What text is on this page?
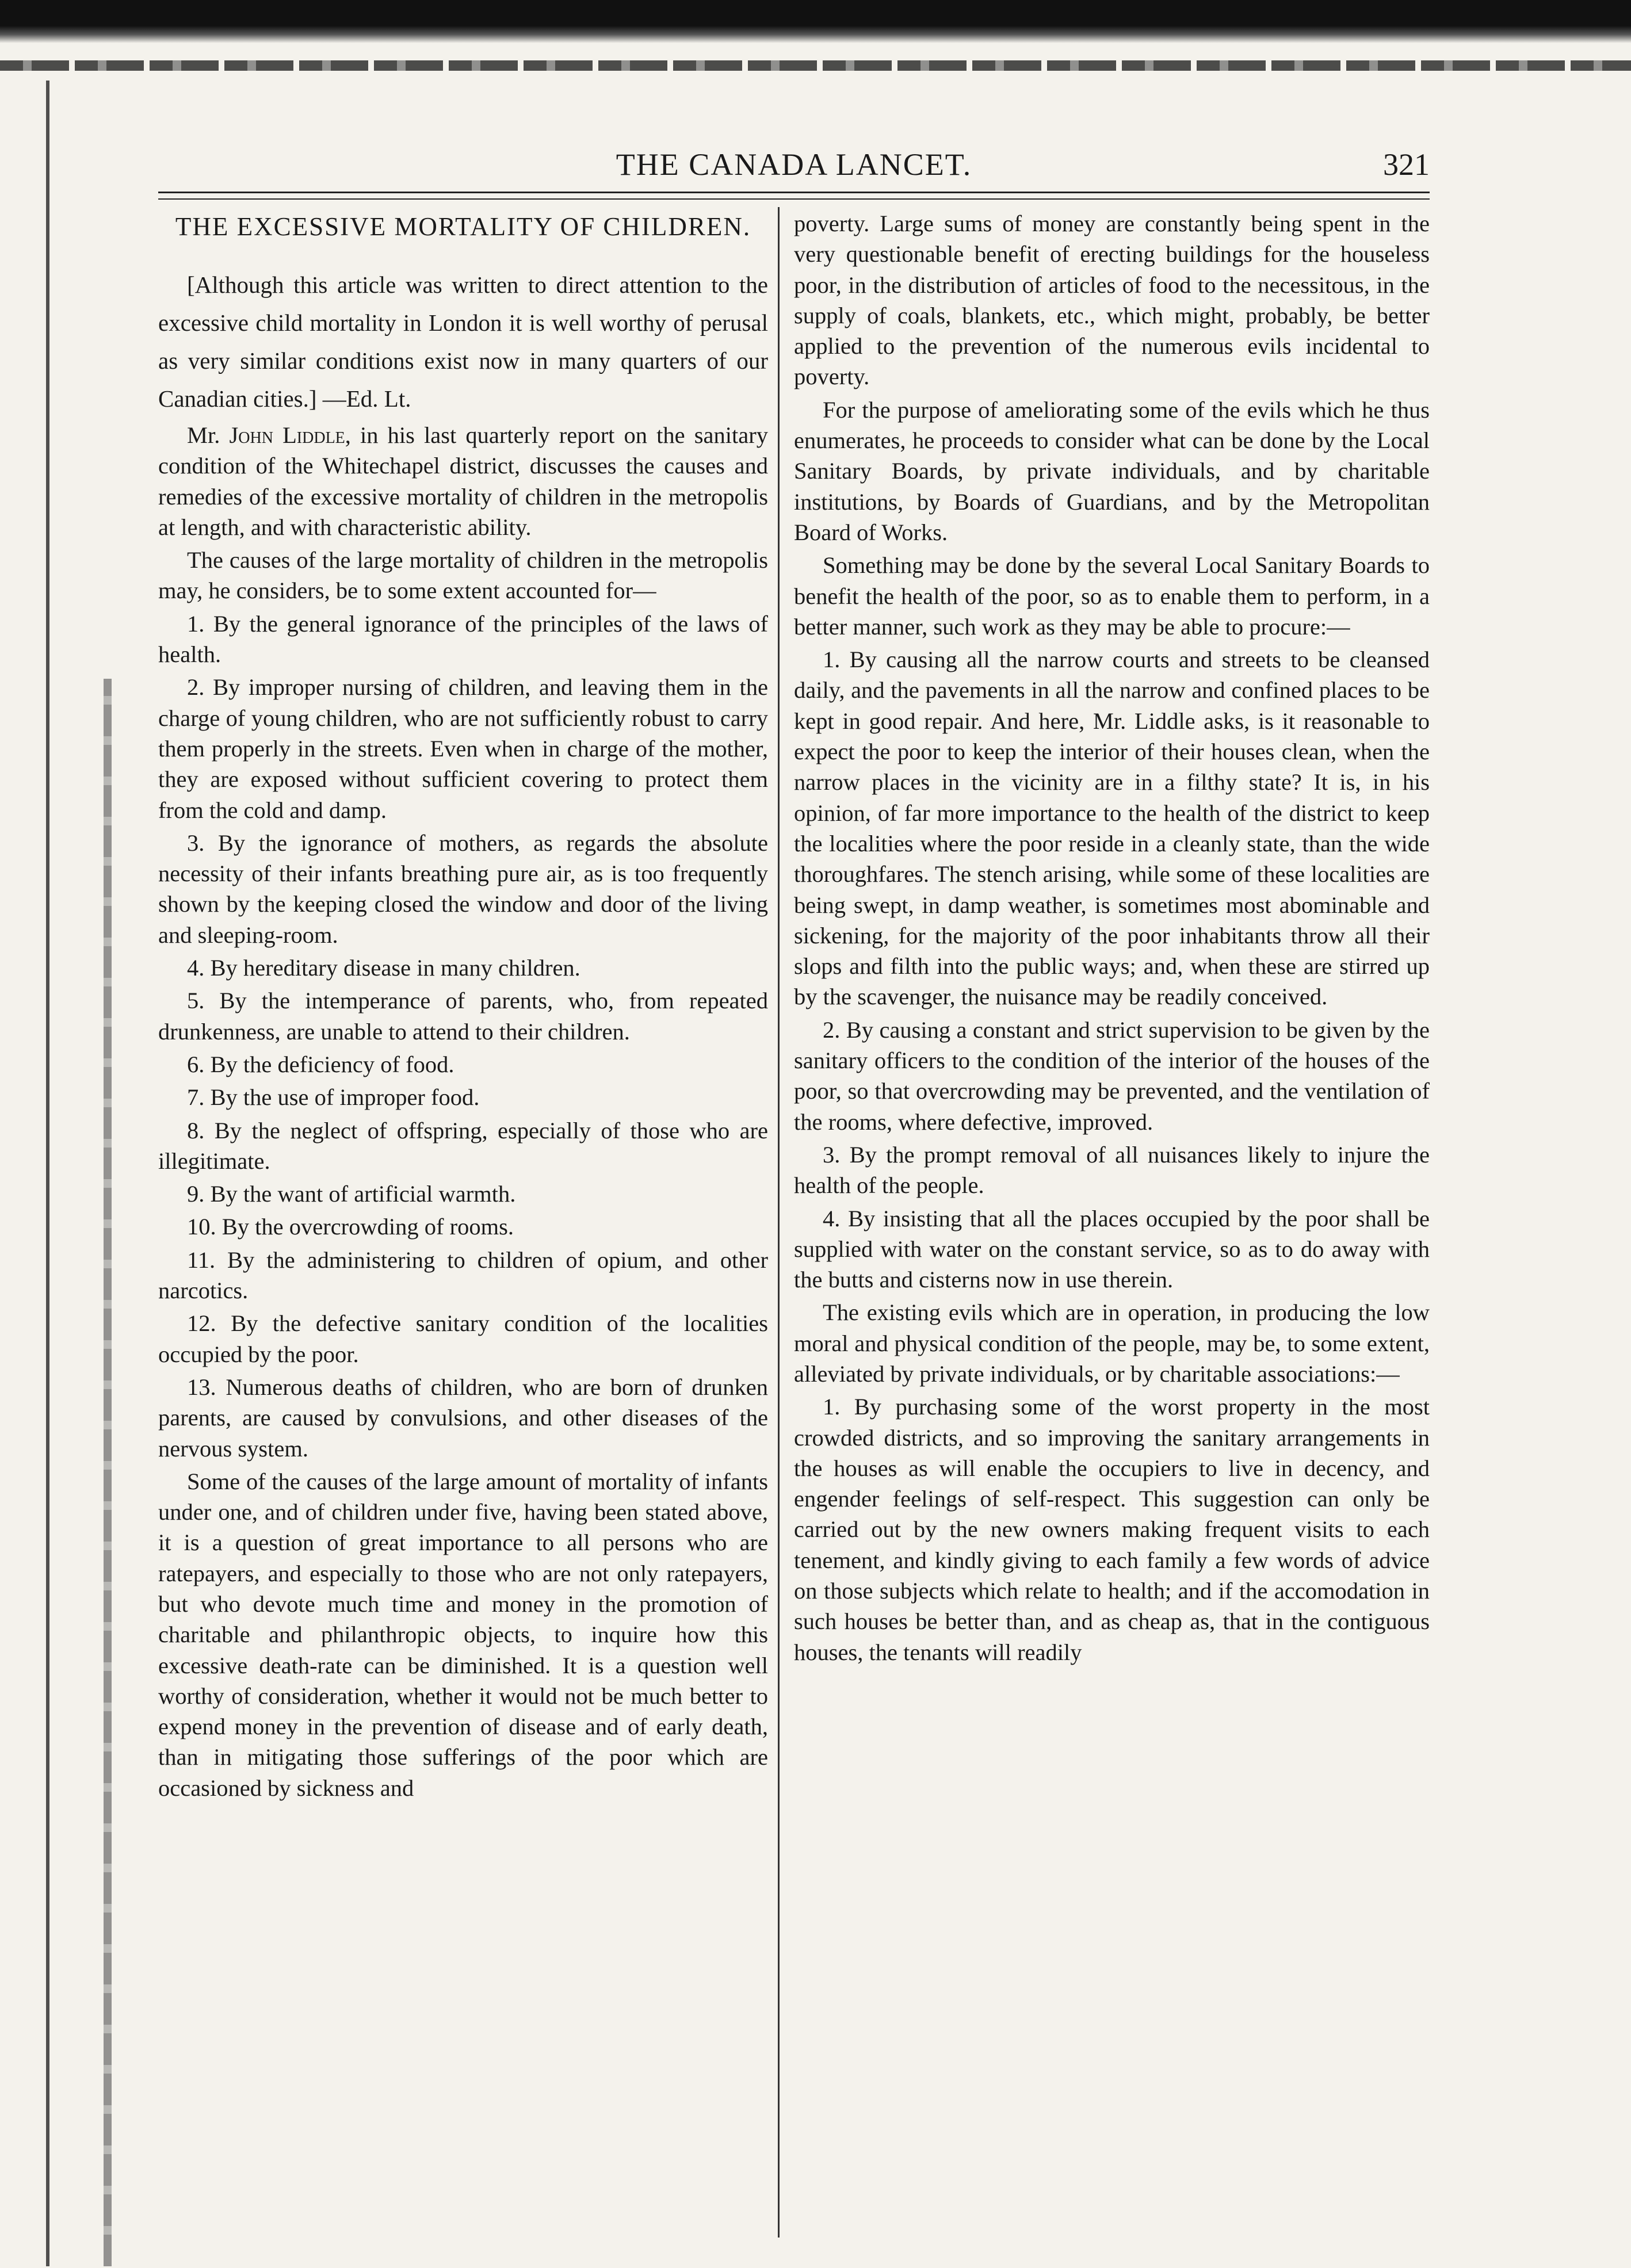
THE CANADA LANCET.	321
THE EXCESSIVE MORTALITY OF CHILDREN.

[Although this article was written to direct attention to the excessive child mortality in London it is well worthy of perusal as very similar conditions exist now in many quarters of our Canadian cities.] —Ed. Lt.

Mr. John Liddle, in his last quarterly report on the sanitary condition of the Whitechapel district, discusses the causes and remedies of the excessive mortality of children in the metropolis at length, and with characteristic ability.

The causes of the large mortality of children in the metropolis may, he considers, be to some extent accounted for—

1. By the general ignorance of the principles of the laws of health.

2. By improper nursing of children, and leaving them in the charge of young children, who are not sufficiently robust to carry them properly in the streets. Even when in charge of the mother, they are exposed without sufficient covering to protect them from the cold and damp.

3. By the ignorance of mothers, as regards the absolute necessity of their infants breathing pure air, as is too frequently shown by the keeping closed the window and door of the living and sleeping-room.

4. By hereditary disease in many children.

5. By the intemperance of parents, who, from repeated drunkenness, are unable to attend to their children.

6. By the deficiency of food.

7. By the use of improper food.

8. By the neglect of offspring, especially of those who are illegitimate.

9. By the want of artificial warmth.

10. By the overcrowding of rooms.

11. By the administering to children of opium, and other narcotics.

12. By the defective sanitary condition of the localities occupied by the poor.

13. Numerous deaths of children, who are born of drunken parents, are caused by convulsions, and other diseases of the nervous system.

Some of the causes of the large amount of mortality of infants under one, and of children under five, having been stated above, it is a question of great importance to all persons who are ratepayers, and especially to those who are not only ratepayers, but who devote much time and money in the promotion of charitable and philanthropic objects, to inquire how this excessive death-rate can be diminished. It is a question well worthy of consideration, whether it would not be much better to expend money in the prevention of disease and of early death, than in mitigating those sufferings of the poor which are occasioned by sickness and

poverty. Large sums of money are constantly being spent in the very questionable benefit of erecting buildings for the houseless poor, in the distribution of articles of food to the necessitous, in the supply of coals, blankets, etc., which might, probably, be better applied to the prevention of the numerous evils incidental to poverty.

For the purpose of ameliorating some of the evils which he thus enumerates, he proceeds to consider what can be done by the Local Sanitary Boards, by private individuals, and by charitable institutions, by Boards of Guardians, and by the Metropolitan Board of Works.

Something may be done by the several Local Sanitary Boards to benefit the health of the poor, so as to enable them to perform, in a better manner, such work as they may be able to procure:—

1. By causing all the narrow courts and streets to be cleansed daily, and the pavements in all the narrow and confined places to be kept in good repair. And here, Mr. Liddle asks, is it reasonable to expect the poor to keep the interior of their houses clean, when the narrow places in the vicinity are in a filthy state? It is, in his opinion, of far more importance to the health of the district to keep the localities where the poor reside in a cleanly state, than the wide thoroughfares. The stench arising, while some of these localities are being swept, in damp weather, is sometimes most abominable and sickening, for the majority of the poor inhabitants throw all their slops and filth into the public ways; and, when these are stirred up by the scavenger, the nuisance may be readily conceived.

2. By causing a constant and strict supervision to be given by the sanitary officers to the condition of the interior of the houses of the poor, so that overcrowding may be prevented, and the ventilation of the rooms, where defective, improved.

3. By the prompt removal of all nuisances likely to injure the health of the people.

4. By insisting that all the places occupied by the poor shall be supplied with water on the constant service, so as to do away with the butts and cisterns now in use therein.

The existing evils which are in operation, in producing the low moral and physical condition of the people, may be, to some extent, alleviated by private individuals, or by charitable associations:—

1. By purchasing some of the worst property in the most crowded districts, and so improving the sanitary arrangements in the houses as will enable the occupiers to live in decency, and engender feelings of self-respect. This suggestion can only be carried out by the new owners making frequent visits to each tenement, and kindly giving to each family a few words of advice on those subjects which relate to health; and if the accomodation in such houses be better than, and as cheap as, that in the contiguous houses, the tenants will readily
